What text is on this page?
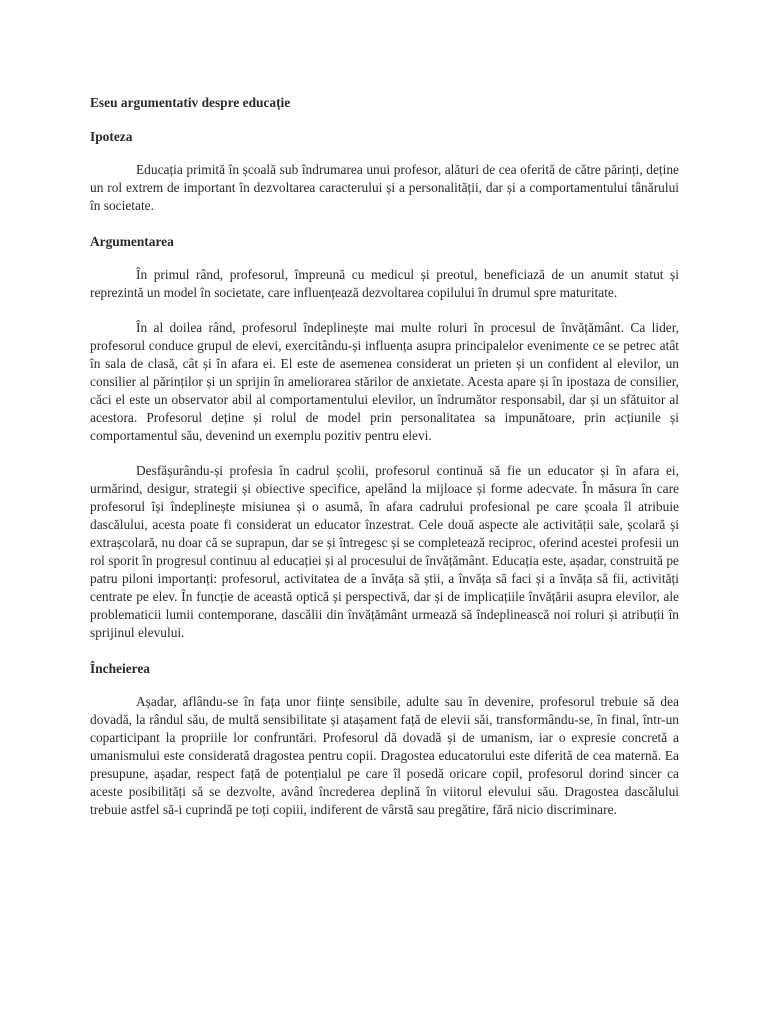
Eseu argumentativ despre educație
Ipoteza

Educația primită în școală sub îndrumarea unui profesor, alături de cea oferită de către părinți, deține un rol extrem de important în dezvoltarea caracterului și a personalității, dar și a comportamentului tânărului în societate.

Argumentarea

În primul rând, profesorul, împreună cu medicul și preotul, beneficiază de un anumit statut și reprezintă un model în societate, care influențează dezvoltarea copilului în drumul spre maturitate.

În al doilea rând, profesorul îndeplinește mai multe roluri în procesul de învățământ. Ca lider, profesorul conduce grupul de elevi, exercitându-și influența asupra principalelor evenimente ce se petrec atât în sala de clasă, cât și în afara ei. El este de asemenea considerat un prieten și un confident al elevilor, un consilier al părinților și un sprijin în ameliorarea stărilor de anxietate. Acesta apare și în ipostaza de consilier, căci el este un observator abil al comportamentului elevilor, un îndrumător responsabil, dar și un sfătuitor al acestora. Profesorul deține și rolul de model prin personalitatea sa impunătoare, prin acțiunile și comportamentul său, devenind un exemplu pozitiv pentru elevi.

Desfășurându-și profesia în cadrul școlii, profesorul continuă să fie un educator și în afara ei, urmărind, desigur, strategii și obiective specifice, apelând la mijloace și forme adecvate. În măsura în care profesorul își îndeplinește misiunea și o asumă, în afara cadrului profesional pe care școala îl atribuie dascălului, acesta poate fi considerat un educator înzestrat. Cele două aspecte ale activității sale, școlară și extrașcolară, nu doar că se suprapun, dar se și întregesc și se completează reciproc, oferind acestei profesii un rol sporit în progresul continuu al educației și al procesului de învățământ. Educația este, așadar, construită pe patru piloni importanți: profesorul, activitatea de a învăța să știi, a învăța să faci și a învăța să fii, activități centrate pe elev. În funcție de această optică și perspectivă, dar și de implicațiile învățării asupra elevilor, ale problematicii lumii contemporane, dascălii din învățământ urmează să îndeplinească noi roluri și atribuții în sprijinul elevului.

Încheierea

Așadar, aflându-se în fața unor ființe sensibile, adulte sau în devenire, profesorul trebuie să dea dovadă, la rândul său, de multă sensibilitate și atașament față de elevii săi, transformându-se, în final, într-un coparticipant la propriile lor confruntări. Profesorul dă dovadă și de umanism, iar o expresie concretă a umanismului este considerată dragostea pentru copii. Dragostea educatorului este diferită de cea maternă. Ea presupune, așadar, respect față de potențialul pe care îl posedă oricare copil, profesorul dorind sincer ca aceste posibilități să se dezvolte, având încrederea deplină în viitorul elevului său. Dragostea dascălului trebuie astfel să-i cuprindă pe toți copiii, indiferent de vârstă sau pregătire, fără nicio discriminare.
